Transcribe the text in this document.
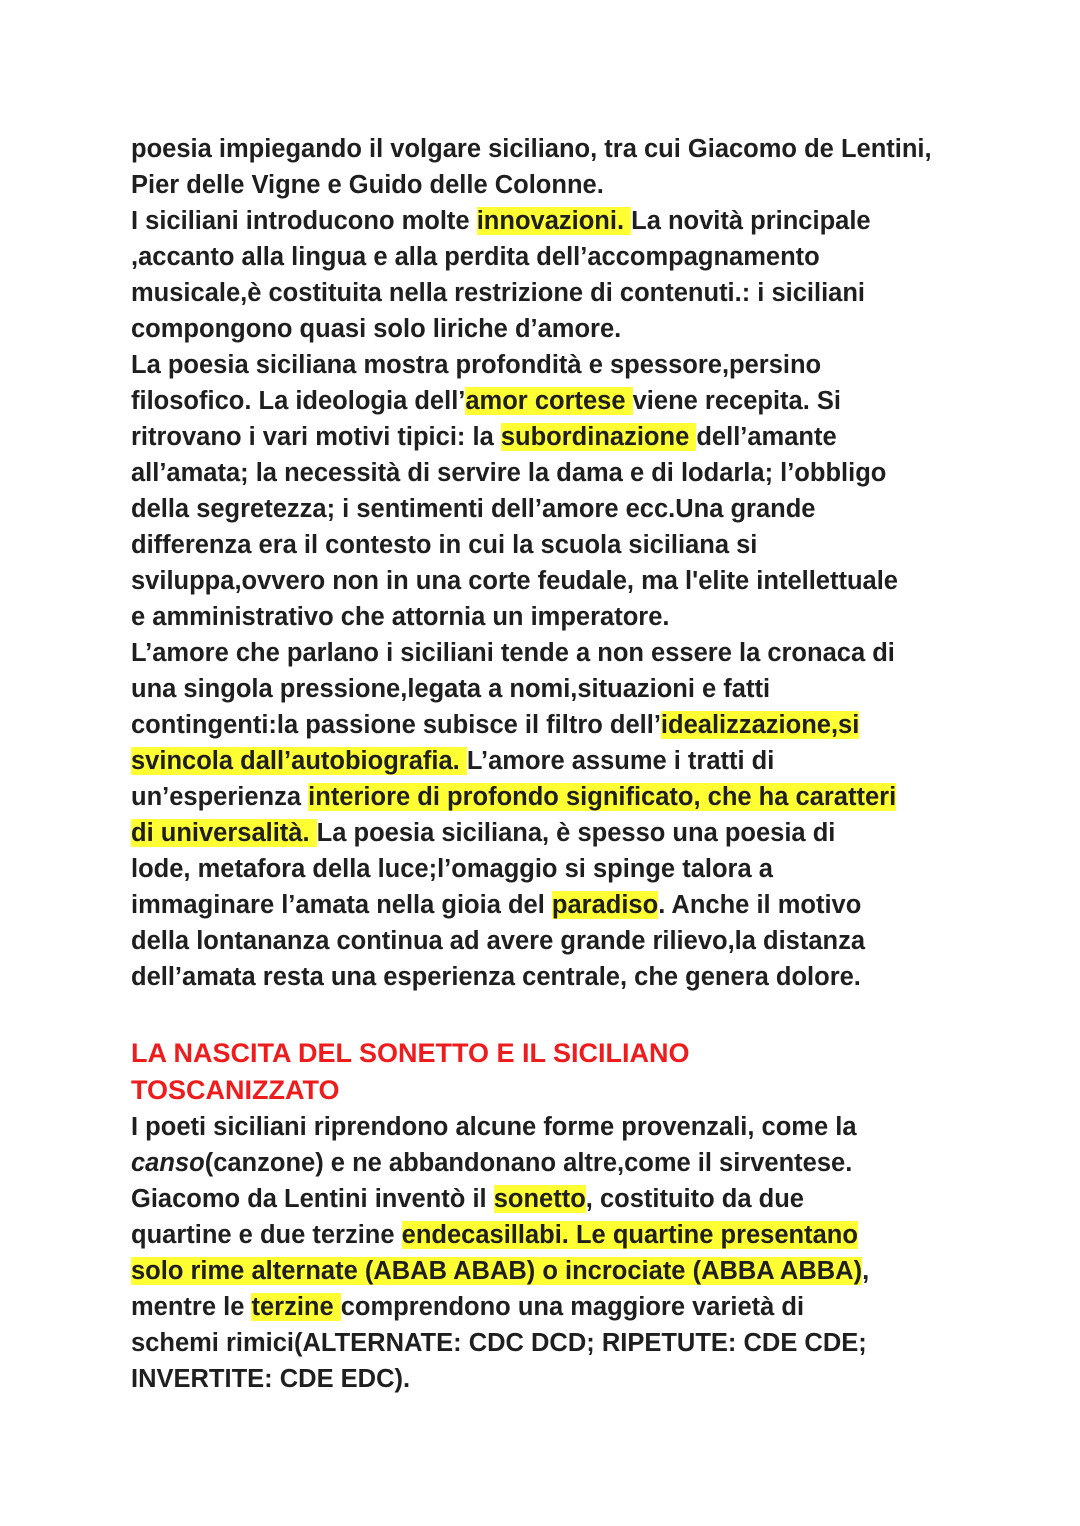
poesia impiegando il volgare siciliano, tra cui Giacomo de Lentini,
Pier delle Vigne e Guido delle Colonne.

I siciliani introducono molte innovazioni. La novità principale
,accanto alla lingua e alla perdita dell’accompagnamento
musicale,è costituita nella restrizione di contenuti.: i siciliani
compongono quasi solo liriche d’amore.

La poesia siciliana mostra profondità e spessore,persino
filosofico. La ideologia dell’amor cortese viene recepita. Si
ritrovano i vari motivi tipici: la subordinazione dell’amante
all’amata; la necessità di servire la dama e di lodarla; l’obbligo
della segretezza; i sentimenti dell’amore ecc.Una grande
differenza era il contesto in cui la scuola siciliana si
sviluppa,ovvero non in una corte feudale, ma l'elite intellettuale
e amministrativo che attornia un imperatore.

L’amore che parlano i siciliani tende a non essere la cronaca di
una singola pressione,legata a nomi,situazioni e fatti
contingenti:la passione subisce il filtro dell’idealizzazione,si
svincola dall’autobiografia. L’amore assume i tratti di
un’esperienza interiore di profondo significato, che ha caratteri
di universalità. La poesia siciliana, è spesso una poesia di
lode, metafora della luce;l’omaggio si spinge talora a
immaginare l’amata nella gioia del paradiso. Anche il motivo
della lontananza continua ad avere grande rilievo,la distanza
dell’amata resta una esperienza centrale, che genera dolore.

LA NASCITA DEL SONETTO E IL SICILIANO
TOSCANIZZATO

I poeti siciliani riprendono alcune forme provenzali, come la
canso(canzone) e ne abbandonano altre,come il sirventese.
Giacomo da Lentini inventò il sonetto, costituito da due
quartine e due terzine endecasillabi. Le quartine presentano
solo rime alternate (ABAB ABAB) o incrociate (ABBA ABBA),
mentre le terzine comprendono una maggiore varietà di
schemi rimici(ALTERNATE: CDC DCD; RIPETUTE: CDE CDE;
INVERTITE: CDE EDC).
